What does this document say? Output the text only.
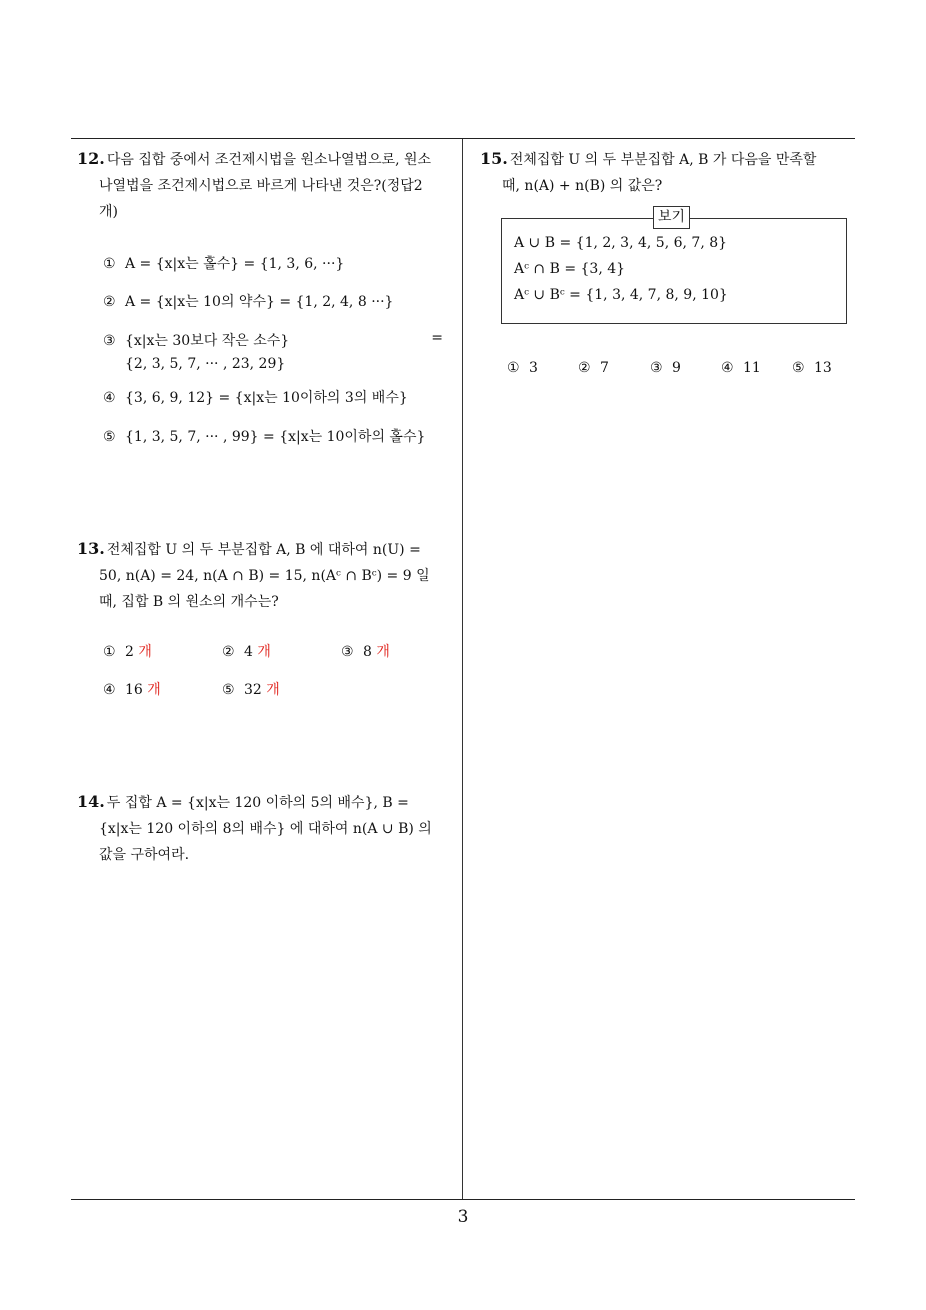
3
12. 다음 집합 중에서 조건제시법을 원소나열법으로, 원소
나열법을 조건제시법으로 바르게 나타낸 것은?(정답2
개)
① A = {x|x는 홀수} = {1, 3, 6, ···}
② A = {x|x는 10의 약수} = {1, 2, 4, 8 ···}
③ {x|x는 30보다 작은 소수}	=
{2, 3, 5, 7, ··· , 23, 29}
④ {3, 6, 9, 12} = {x|x는 10이하의 3의 배수}
⑤ {1, 3, 5, 7, ··· , 99} = {x|x는 10이하의 홀수}
13. 전체집합 U 의 두 부분집합 A, B 에 대하여 n(U) =
50, n(A) = 24, n(A ∩ B) = 15, n(Aᶜ ∩ Bᶜ) = 9 일
때, 집합 B 의 원소의 개수는?
① 2 개	② 4 개	③ 8 개
④ 16 개	⑤ 32 개
14. 두 집합 A = {x|x는 120 이하의 5의 배수}, B =
{x|x는 120 이하의 8의 배수} 에 대하여 n(A ∪ B) 의
값을 구하여라.
15. 전체집합 U 의 두 부분집합 A, B 가 다음을 만족할
때, n(A) + n(B) 의 값은?
보기
A ∪ B = {1, 2, 3, 4, 5, 6, 7, 8}
Aᶜ ∩ B = {3, 4}
Aᶜ ∪ Bᶜ = {1, 3, 4, 7, 8, 9, 10}
① 3	② 7	③ 9	④ 11 ⑤ 13
